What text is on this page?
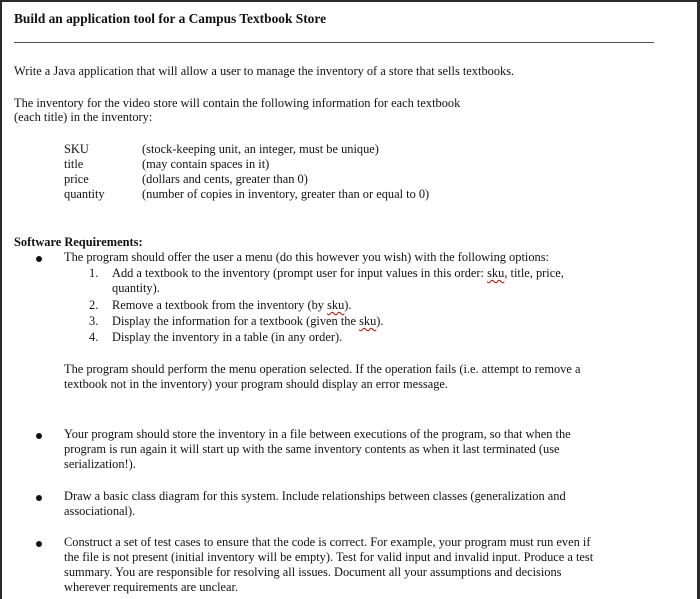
Build an application tool for a Campus Textbook Store
Write a Java application that will allow a user to manage the inventory of a store that sells textbooks.
The inventory for the video store will contain the following information for each textbook
(each title) in the inventory:
SKU	(stock-keeping unit, an integer, must be unique)
title	(may contain spaces in it)
price	(dollars and cents, greater than 0)
quantity	(number of copies in inventory, greater than or equal to 0)
Software Requirements:
The program should offer the user a menu (do this however you wish) with the following options:
1. Add a textbook to the inventory (prompt user for input values in this order: sku, title, price,
quantity).
2. Remove a textbook from the inventory (by sku).
3. Display the information for a textbook (given the sku).
4. Display the inventory in a table (in any order).
The program should perform the menu operation selected. If the operation fails (i.e. attempt to remove a
textbook not in the inventory) your program should display an error message.
Your program should store the inventory in a file between executions of the program, so that when the
program is run again it will start up with the same inventory contents as when it last terminated (use
serialization!).
Draw a basic class diagram for this system. Include relationships between classes (generalization and
associational).
Construct a set of test cases to ensure that the code is correct. For example, your program must run even if
the file is not present (initial inventory will be empty). Test for valid input and invalid input. Produce a test
summary. You are responsible for resolving all issues. Document all your assumptions and decisions
wherever requirements are unclear.
